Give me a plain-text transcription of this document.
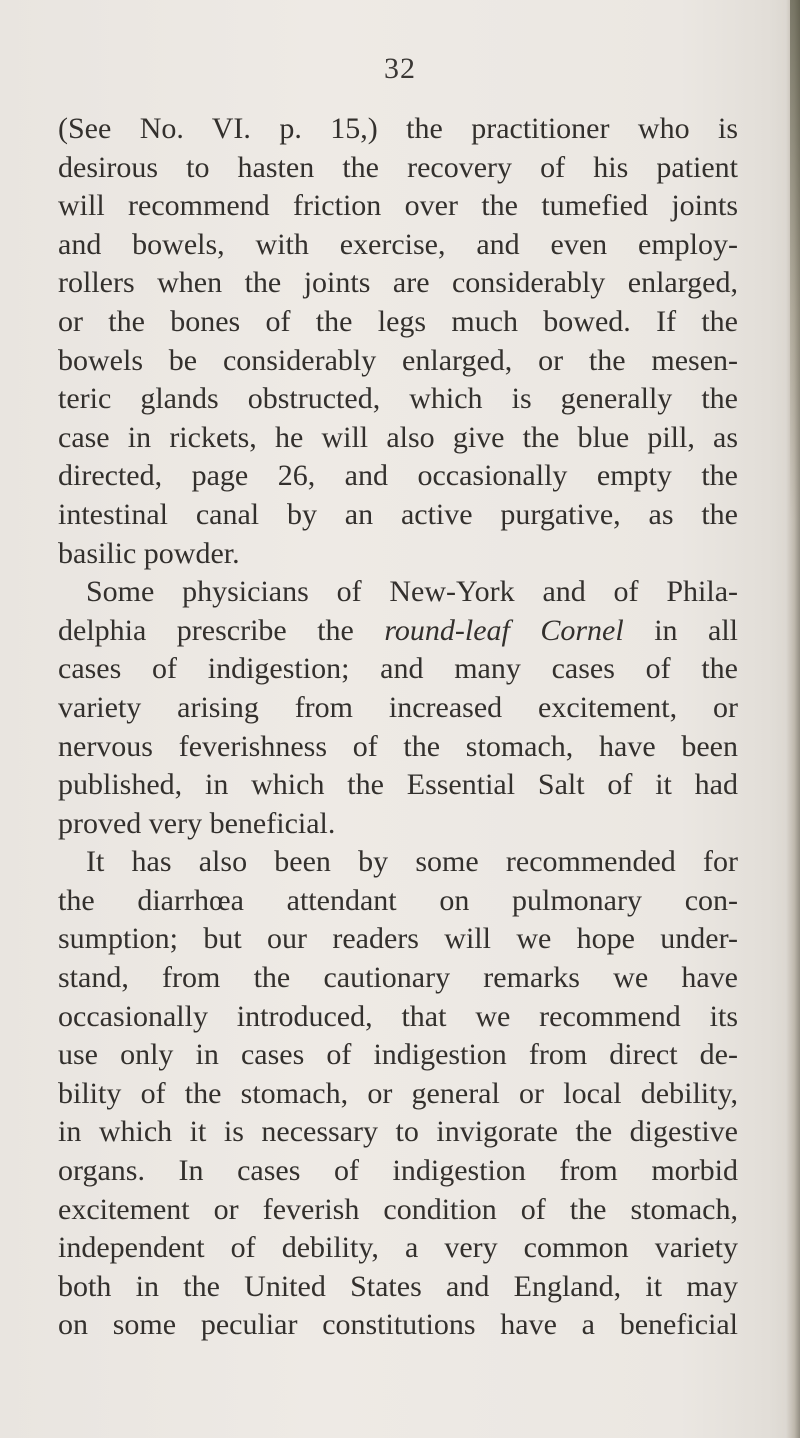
32
(See No. VI. p. 15,) the practitioner who is
desirous to hasten the recovery of his patient
will recommend friction over the tumefied joints
and bowels, with exercise, and even employ-
rollers when the joints are considerably enlarged,
or the bones of the legs much bowed. If the
bowels be considerably enlarged, or the mesen-
teric glands obstructed, which is generally the
case in rickets, he will also give the blue pill, as
directed, page 26, and occasionally empty the
intestinal canal by an active purgative, as the
basilic powder.
Some physicians of New-York and of Phila-
delphia prescribe the round-leaf Cornel in all
cases of indigestion; and many cases of the
variety arising from increased excitement, or
nervous feverishness of the stomach, have been
published, in which the Essential Salt of it had
proved very beneficial.
It has also been by some recommended for
the diarrhœa attendant on pulmonary con-
sumption; but our readers will we hope under-
stand, from the cautionary remarks we have
occasionally introduced, that we recommend its
use only in cases of indigestion from direct de-
bility of the stomach, or general or local debility,
in which it is necessary to invigorate the digestive
organs. In cases of indigestion from morbid
excitement or feverish condition of the stomach,
independent of debility, a very common variety
both in the United States and England, it may
on some peculiar constitutions have a beneficial
